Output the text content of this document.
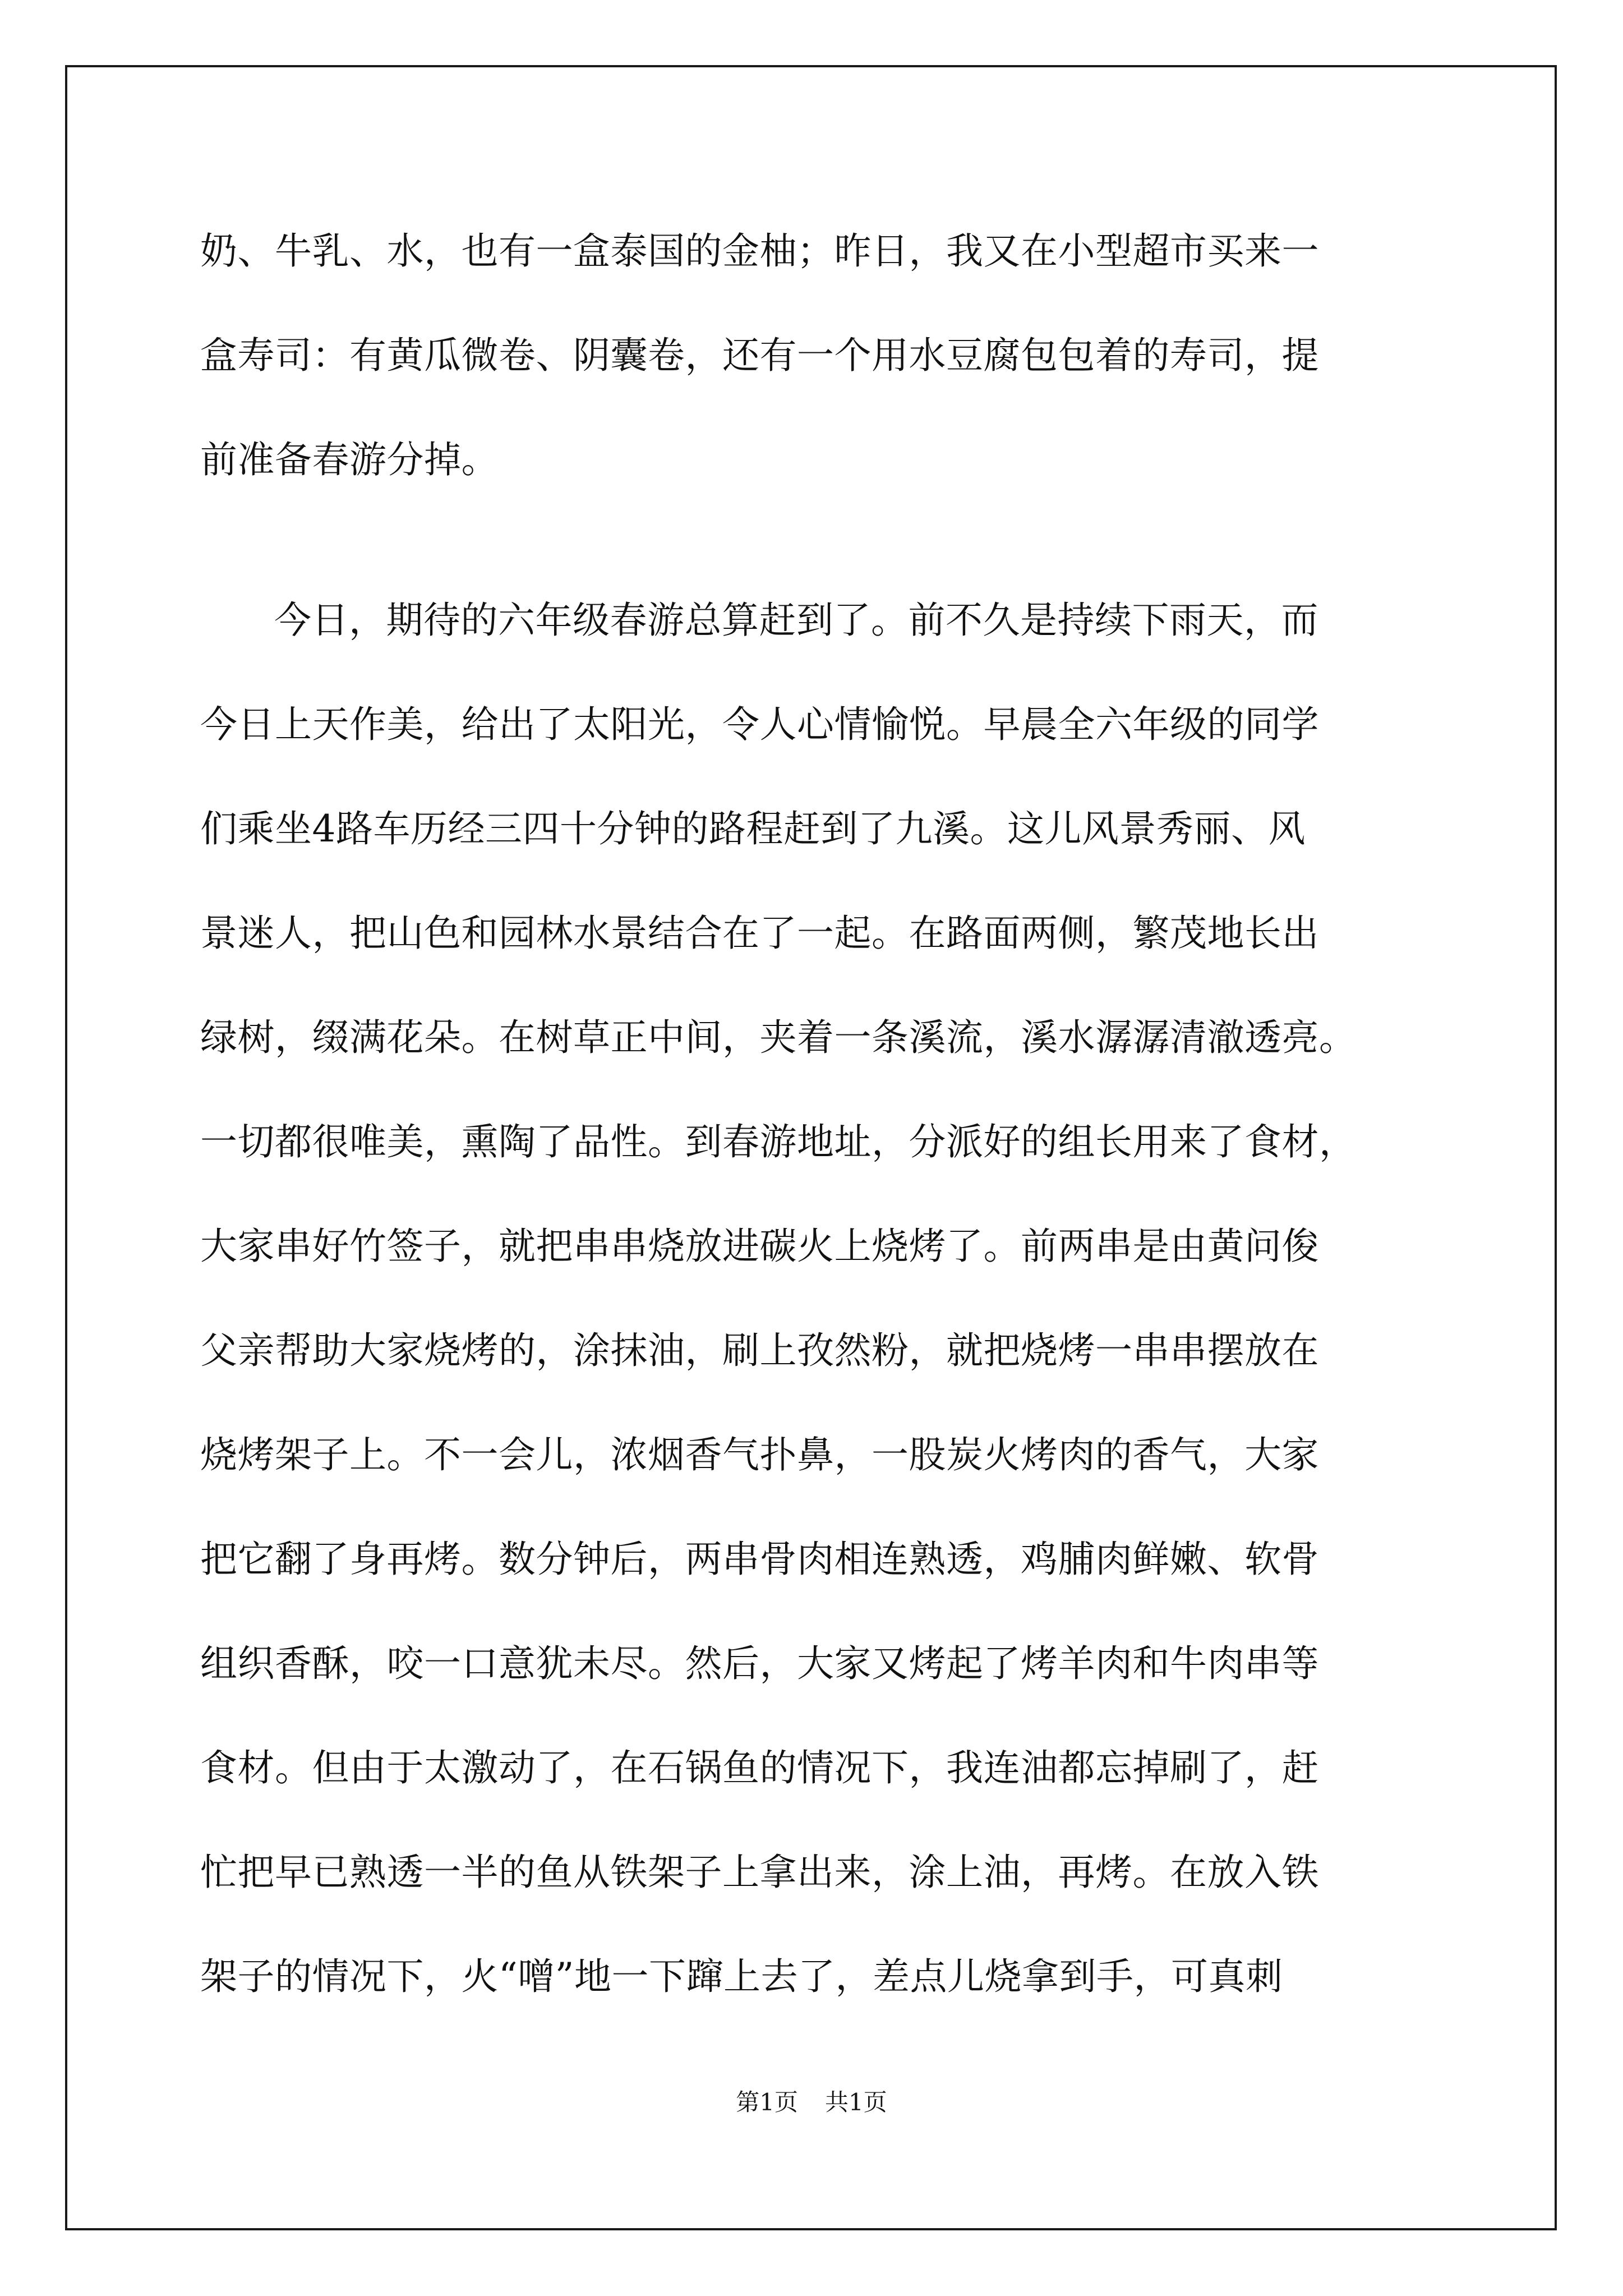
奶、牛乳、水，也有一盒泰国的金柚；昨日，我又在小型超市买来一
盒寿司：有黄瓜微卷、阴囊卷，还有一个用水豆腐包包着的寿司，提
前准备春游分掉。
今日，期待的六年级春游总算赶到了。前不久是持续下雨天，而
今日上天作美，给出了太阳光，令人心情愉悦。早晨全六年级的同学
们乘坐4路车历经三四十分钟的路程赶到了九溪。这儿风景秀丽、风
景迷人，把山色和园林水景结合在了一起。在路面两侧，繁茂地长出
绿树，缀满花朵。在树草正中间，夹着一条溪流，溪水潺潺清澈透亮。
一切都很唯美，熏陶了品性。到春游地址，分派好的组长用来了食材，
大家串好竹签子，就把串串烧放进碳火上烧烤了。前两串是由黄问俊
父亲帮助大家烧烤的，涂抹油，刷上孜然粉，就把烧烤一串串摆放在
烧烤架子上。不一会儿，浓烟香气扑鼻，一股炭火烤肉的香气，大家
把它翻了身再烤。数分钟后，两串骨肉相连熟透，鸡脯肉鲜嫩、软骨
组织香酥，咬一口意犹未尽。然后，大家又烤起了烤羊肉和牛肉串等
食材。但由于太激动了，在石锅鱼的情况下，我连油都忘掉刷了，赶
忙把早已熟透一半的鱼从铁架子上拿出来，涂上油，再烤。在放入铁
架子的情况下，火“噌”地一下蹿上去了，差点儿烧拿到手，可真刺
第1页 共1页
